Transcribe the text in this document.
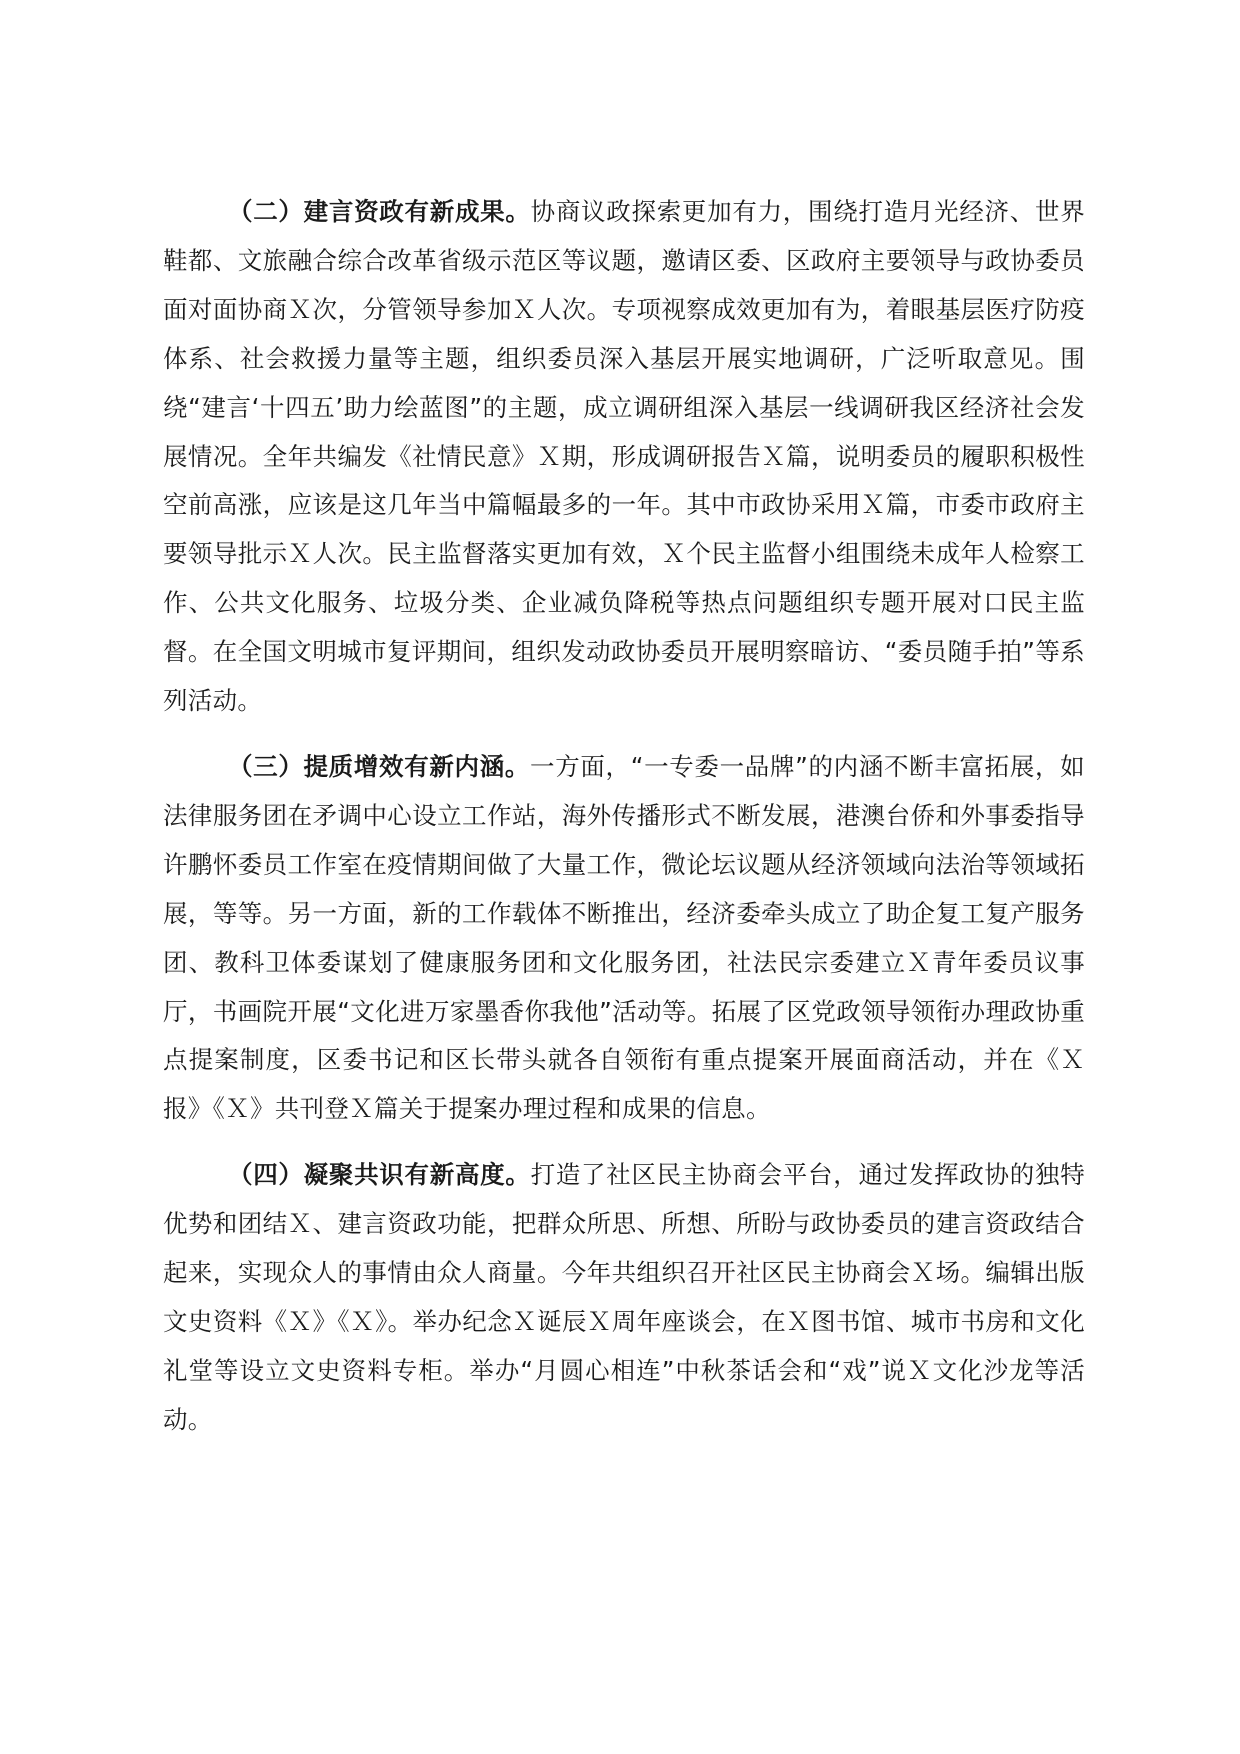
（二）建言资政有新成果。协商议政探索更加有力，围绕打造月光经济、世界鞋都、文旅融合综合改革省级示范区等议题，邀请区委、区政府主要领导与政协委员面对面协商Ｘ次，分管领导参加Ｘ人次。专项视察成效更加有为，着眼基层医疗防疫体系、社会救援力量等主题，组织委员深入基层开展实地调研，广泛听取意见。围绕“建言‘十四五’助力绘蓝图”的主题，成立调研组深入基层一线调研我区经济社会发展情况。全年共编发《社情民意》Ｘ期，形成调研报告Ｘ篇，说明委员的履职积极性空前高涨，应该是这几年当中篇幅最多的一年。其中市政协采用Ｘ篇，市委市政府主要领导批示Ｘ人次。民主监督落实更加有效，Ｘ个民主监督小组围绕未成年人检察工作、公共文化服务、垃圾分类、企业减负降税等热点问题组织专题开展对口民主监督。在全国文明城市复评期间，组织发动政协委员开展明察暗访、“委员随手拍”等系列活动。

（三）提质增效有新内涵。一方面，“一专委一品牌”的内涵不断丰富拓展，如法律服务团在矛调中心设立工作站，海外传播形式不断发展，港澳台侨和外事委指导许鹏怀委员工作室在疫情期间做了大量工作，微论坛议题从经济领域向法治等领域拓展，等等。另一方面，新的工作载体不断推出，经济委牵头成立了助企复工复产服务团、教科卫体委谋划了健康服务团和文化服务团，社法民宗委建立Ｘ青年委员议事厅，书画院开展“文化进万家墨香你我他”活动等。拓展了区党政领导领衔办理政协重点提案制度，区委书记和区长带头就各自领衔有重点提案开展面商活动，并在《Ｘ报》《Ｘ》共刊登Ｘ篇关于提案办理过程和成果的信息。

（四）凝聚共识有新高度。打造了社区民主协商会平台，通过发挥政协的独特优势和团结Ｘ、建言资政功能，把群众所思、所想、所盼与政协委员的建言资政结合起来，实现众人的事情由众人商量。今年共组织召开社区民主协商会Ｘ场。编辑出版文史资料《Ｘ》《Ｘ》。举办纪念Ｘ诞辰Ｘ周年座谈会，在Ｘ图书馆、城市书房和文化礼堂等设立文史资料专柜。举办“月圆心相连”中秋茶话会和“戏”说Ｘ文化沙龙等活动。
